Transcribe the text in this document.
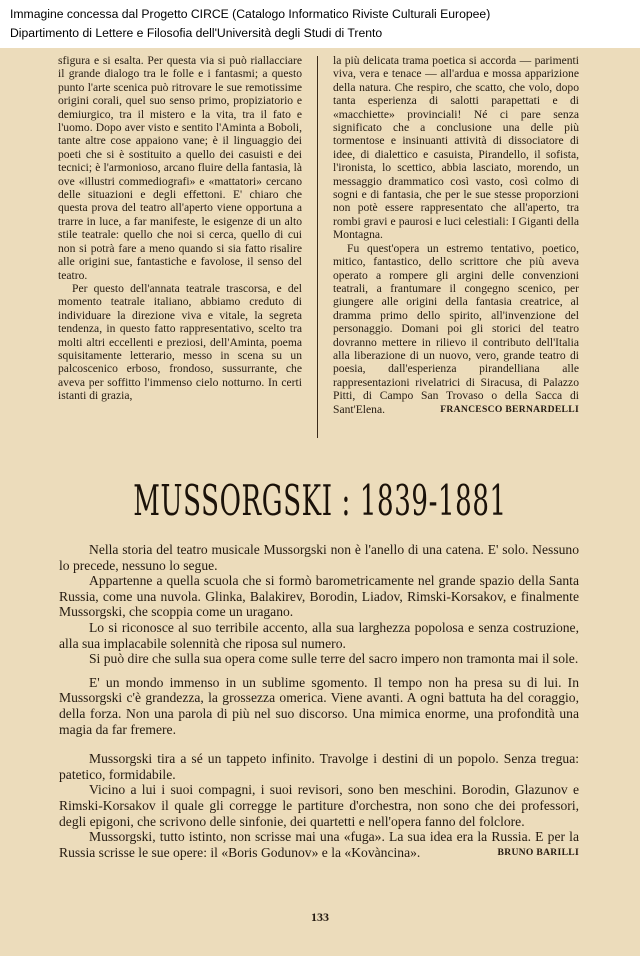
Immagine concessa dal Progetto CIRCE (Catalogo Informatico Riviste Culturali Europee)
Dipartimento di Lettere e Filosofia dell'Università degli Studi di Trento

sfigura e si esalta. Per questa via si può riallacciare il grande dialogo tra le folle e i fantasmi; a questo punto l'arte scenica può ritrovare le sue remotissime origini corali, quel suo senso primo, propiziatorio e demiurgico, tra il mistero e la vita, tra il fato e l'uomo. Dopo aver visto e sentito l'Aminta a Boboli, tante altre cose appaiono vane; è il linguaggio dei poeti che si è sostituito a quello dei casuisti e dei tecnici; è l'armonioso, arcano fluire della fantasia, là ove «illustri commediografi» e «mattatori» cercano delle situazioni e degli effettoni. E' chiaro che questa prova del teatro all'aperto viene opportuna a trarre in luce, a far manifeste, le esigenze di un alto stile teatrale: quello che noi si cerca, quello di cui non si potrà fare a meno quando si sia fatto risalire alle origini sue, fantastiche e favolose, il senso del teatro.

Per questo dell'annata teatrale trascorsa, e del momento teatrale italiano, abbiamo creduto di individuare la direzione viva e vitale, la segreta tendenza, in questo fatto rappresentativo, scelto tra molti altri eccellenti e preziosi, dell'Aminta, poema squisitamente letterario, messo in scena su un palcoscenico erboso, frondoso, sussurrante, che aveva per soffitto l'immenso cielo notturno. In certi istanti di grazia,

la più delicata trama poetica si accorda — parimenti viva, vera e tenace — all'ardua e mossa apparizione della natura. Che respiro, che scatto, che volo, dopo tanta esperienza di salotti parapettati e di «macchiette» provinciali! Né ci pare senza significato che a conclusione una delle più tormentose e insinuanti attività di dissociatore di idee, di dialettico e casuista, Pirandello, il sofista, l'ironista, lo scettico, abbia lasciato, morendo, un messaggio drammatico così vasto, così colmo di sogni e di fantasia, che per le sue stesse proporzioni non potè essere rappresentato che all'aperto, tra rombi gravi e paurosi e luci celestiali: I Giganti della Montagna.

Fu quest'opera un estremo tentativo, poetico, mitico, fantastico, dello scrittore che più aveva operato a rompere gli argini delle convenzioni teatrali, a frantumare il congegno scenico, per giungere alle origini della fantasia creatrice, al dramma primo dello spirito, all'invenzione del personaggio. Domani poi gli storici del teatro dovranno mettere in rilievo il contributo dell'Italia alla liberazione di un nuovo, vero, grande teatro di poesia, dall'esperienza pirandelliana alle rappresentazioni rivelatrici di Siracusa, di Palazzo Pitti, di Campo San Trovaso o della Sacca di Sant'Elena.	FRANCESCO BERNARDELLI

MUSSORGSKI : 1839-1881

Nella storia del teatro musicale Mussorgski non è l'anello di una catena. E' solo. Nessuno lo precede, nessuno lo segue.

Appartenne a quella scuola che si formò barometricamente nel grande spazio della Santa Russia, come una nuvola. Glinka, Balakirev, Borodin, Liadov, Rimski-Korsakov, e finalmente Mussorgski, che scoppia come un uragano.

Lo si riconosce al suo terribile accento, alla sua larghezza popolosa e senza costruzione, alla sua implacabile solennità che riposa sul numero.

Si può dire che sulla sua opera come sulle terre del sacro impero non tramonta mai il sole.

E' un mondo immenso in un sublime sgomento. Il tempo non ha presa su di lui. In Mussorgski c'è grandezza, la grossezza omerica. Viene avanti. A ogni battuta ha del coraggio, della forza. Non una parola di più nel suo discorso. Una mimica enorme, una profondità una magia da far fremere.

Mussorgski tira a sé un tappeto infinito. Travolge i destini di un popolo. Senza tregua: patetico, formidabile.

Vicino a lui i suoi compagni, i suoi revisori, sono ben meschini. Borodin, Glazunov e Rimski-Korsakov il quale gli corregge le partiture d'orchestra, non sono che dei professori, degli epigoni, che scrivono delle sinfonie, dei quartetti e nell'opera fanno del folclore.

Mussorgski, tutto istinto, non scrisse mai una «fuga». La sua idea era la Russia. E per la Russia scrisse le sue opere: il «Boris Godunov» e la «Kovàncina».	BRUNO BARILLI

133
